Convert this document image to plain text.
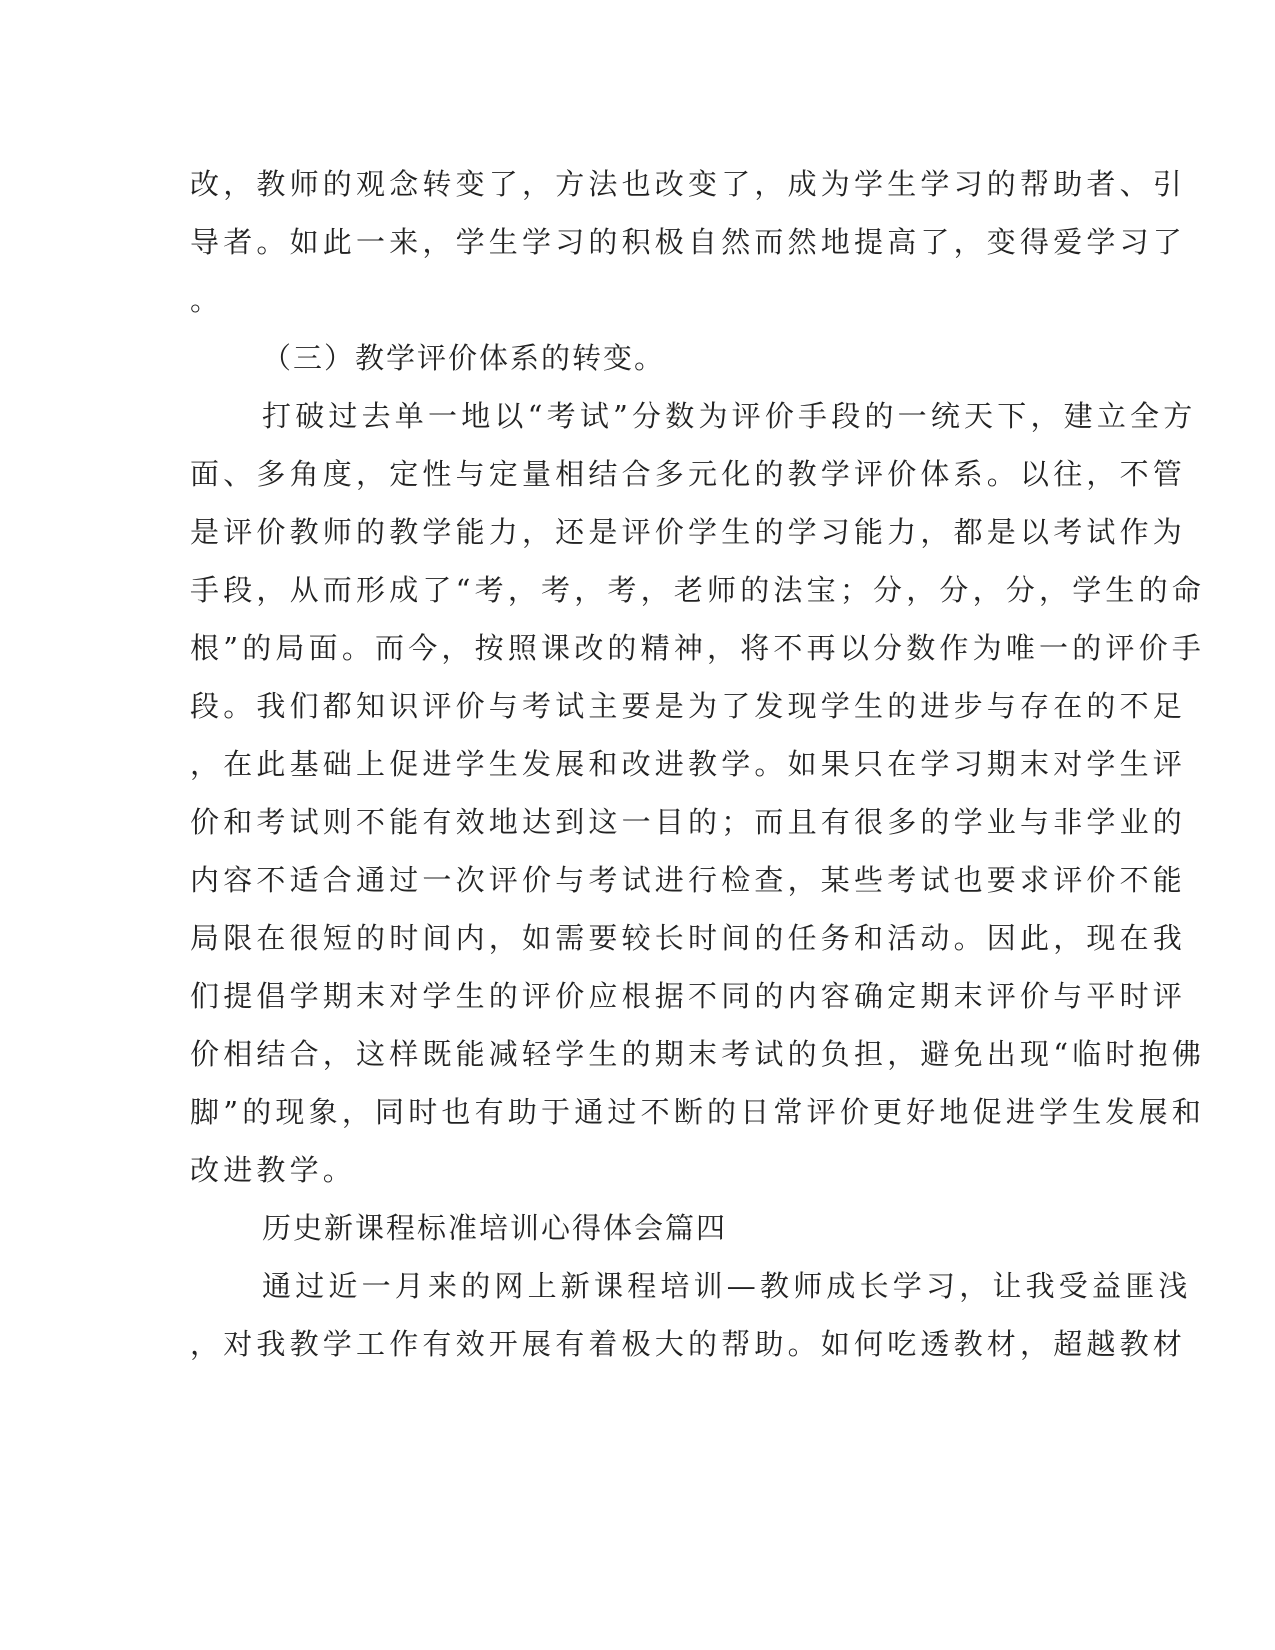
改，教师的观念转变了，方法也改变了，成为学生学习的帮助者、引
导者。如此一来，学生学习的积极自然而然地提高了，变得爱学习了
。
（三）教学评价体系的转变。
打破过去单一地以“考试”分数为评价手段的一统天下，建立全方
面、多角度，定性与定量相结合多元化的教学评价体系。以往，不管
是评价教师的教学能力，还是评价学生的学习能力，都是以考试作为
手段，从而形成了“考，考，考，老师的法宝；分，分，分，学生的命
根”的局面。而今，按照课改的精神，将不再以分数作为唯一的评价手
段。我们都知识评价与考试主要是为了发现学生的进步与存在的不足
，在此基础上促进学生发展和改进教学。如果只在学习期末对学生评
价和考试则不能有效地达到这一目的；而且有很多的学业与非学业的
内容不适合通过一次评价与考试进行检查，某些考试也要求评价不能
局限在很短的时间内，如需要较长时间的任务和活动。因此，现在我
们提倡学期末对学生的评价应根据不同的内容确定期末评价与平时评
价相结合，这样既能减轻学生的期末考试的负担，避免出现“临时抱佛
脚”的现象，同时也有助于通过不断的日常评价更好地促进学生发展和
改进教学。
历史新课程标准培训心得体会篇四
通过近一月来的网上新课程培训—教师成长学习，让我受益匪浅
，对我教学工作有效开展有着极大的帮助。如何吃透教材，超越教材
